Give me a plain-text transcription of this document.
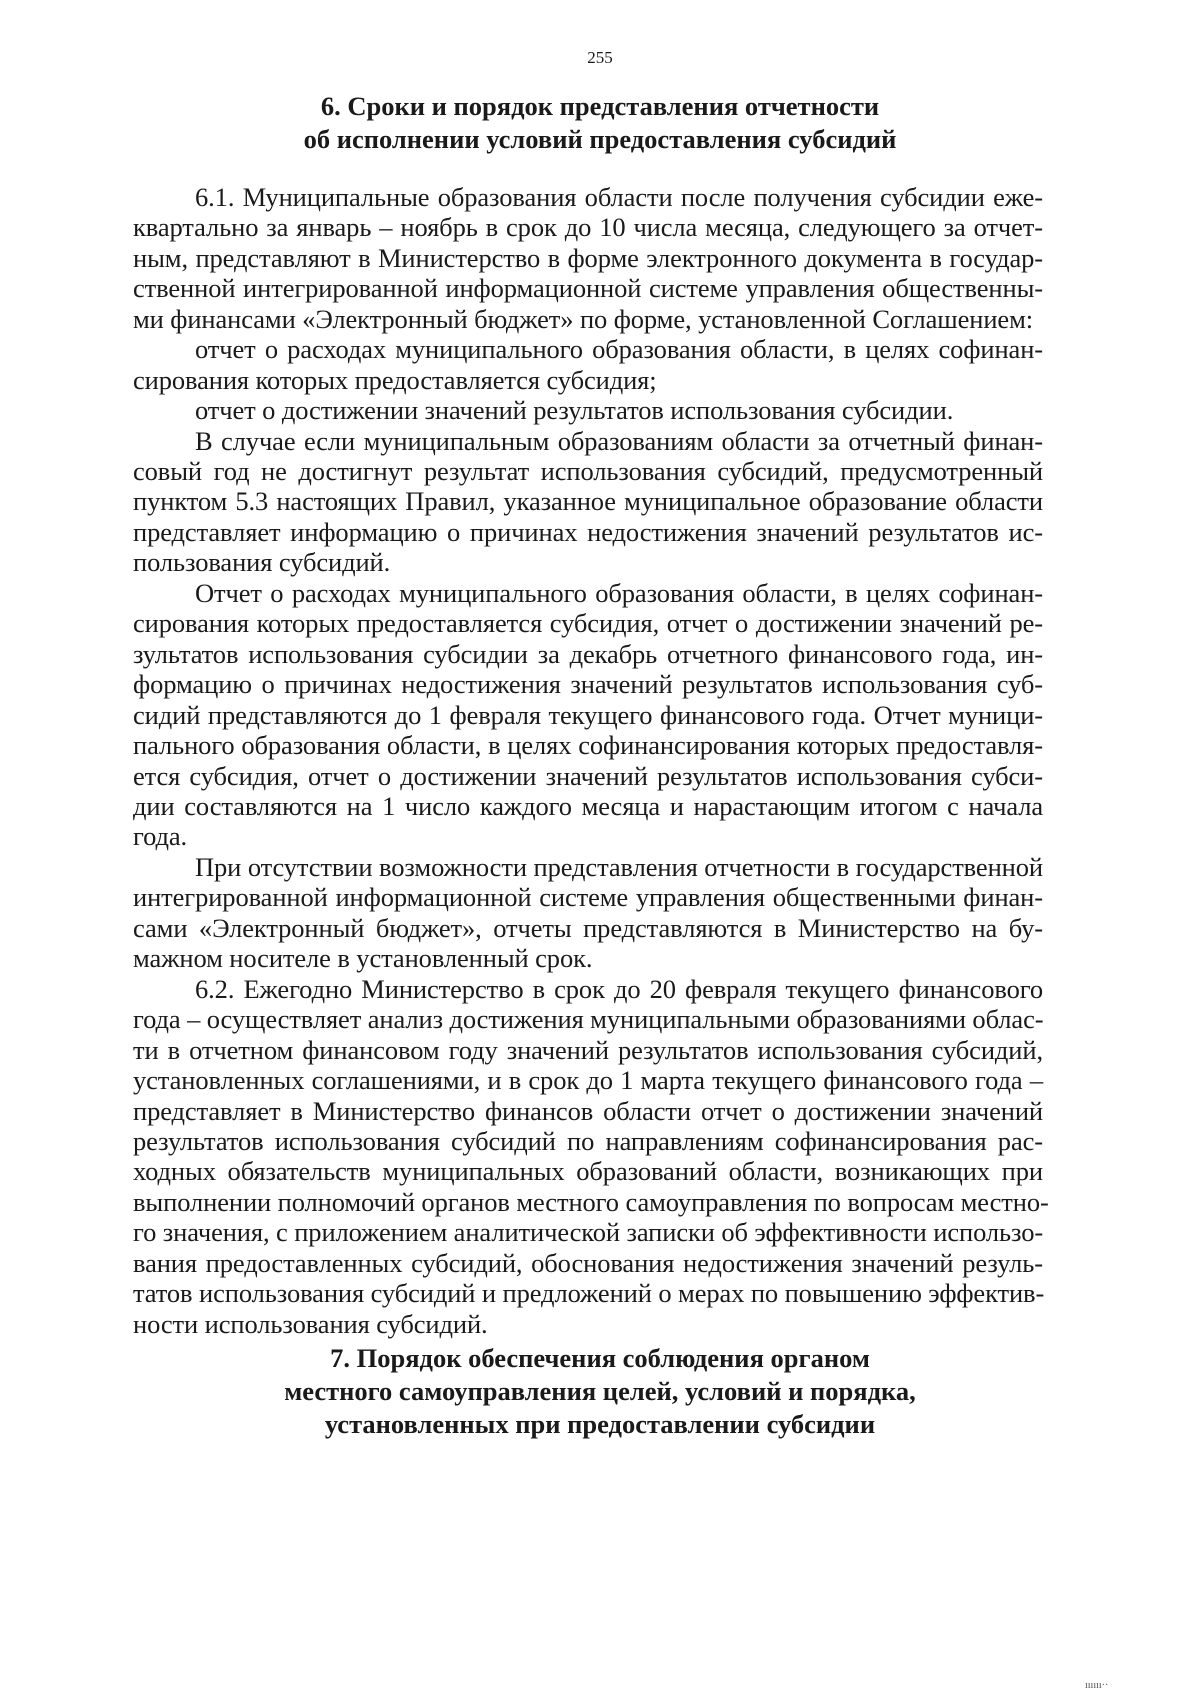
255
6. Сроки и порядок представления отчетности
об исполнении условий предоставления субсидий
6.1. Муниципальные образования области после получения субсидии еже-
квартально за январь – ноябрь в срок до 10 числа месяца, следующего за отчет-
ным, представляют в Министерство в форме электронного документа в государ-
ственной интегрированной информационной системе управления общественны-
ми финансами «Электронный бюджет» по форме, установленной Соглашением:
отчет о расходах муниципального образования области, в целях софинан-
сирования которых предоставляется субсидия;
отчет о достижении значений результатов использования субсидии.
В случае если муниципальным образованиям области за отчетный финан-
совый год не достигнут результат использования субсидий, предусмотренный
пунктом 5.3 настоящих Правил, указанное муниципальное образование области
представляет информацию о причинах недостижения значений результатов ис-
пользования субсидий.
Отчет о расходах муниципального образования области, в целях софинан-
сирования которых предоставляется субсидия, отчет о достижении значений ре-
зультатов использования субсидии за декабрь отчетного финансового года, ин-
формацию о причинах недостижения значений результатов использования суб-
сидий представляются до 1 февраля текущего финансового года. Отчет муници-
пального образования области, в целях софинансирования которых предоставля-
ется субсидия, отчет о достижении значений результатов использования субси-
дии составляются на 1 число каждого месяца и нарастающим итогом с начала
года.
При отсутствии возможности представления отчетности в государственной
интегрированной информационной системе управления общественными финан-
сами «Электронный бюджет», отчеты представляются в Министерство на бу-
мажном носителе в установленный срок.
6.2. Ежегодно Министерство в срок до 20 февраля текущего финансового
года – осуществляет анализ достижения муниципальными образованиями облас-
ти в отчетном финансовом году значений результатов использования субсидий,
установленных соглашениями, и в срок до 1 марта текущего финансового года –
представляет в Министерство финансов области отчет о достижении значений
результатов использования субсидий по направлениям софинансирования рас-
ходных обязательств муниципальных образований области, возникающих при
выполнении полномочий органов местного самоуправления по вопросам местно-
го значения, с приложением аналитической записки об эффективности использо-
вания предоставленных субсидий, обоснования недостижения значений резуль-
татов использования субсидий и предложений о мерах по повышению эффектив-
ности использования субсидий.
7. Порядок обеспечения соблюдения органом
местного самоуправления целей, условий и порядка,
установленных при предоставлении субсидии
ıııııı··
